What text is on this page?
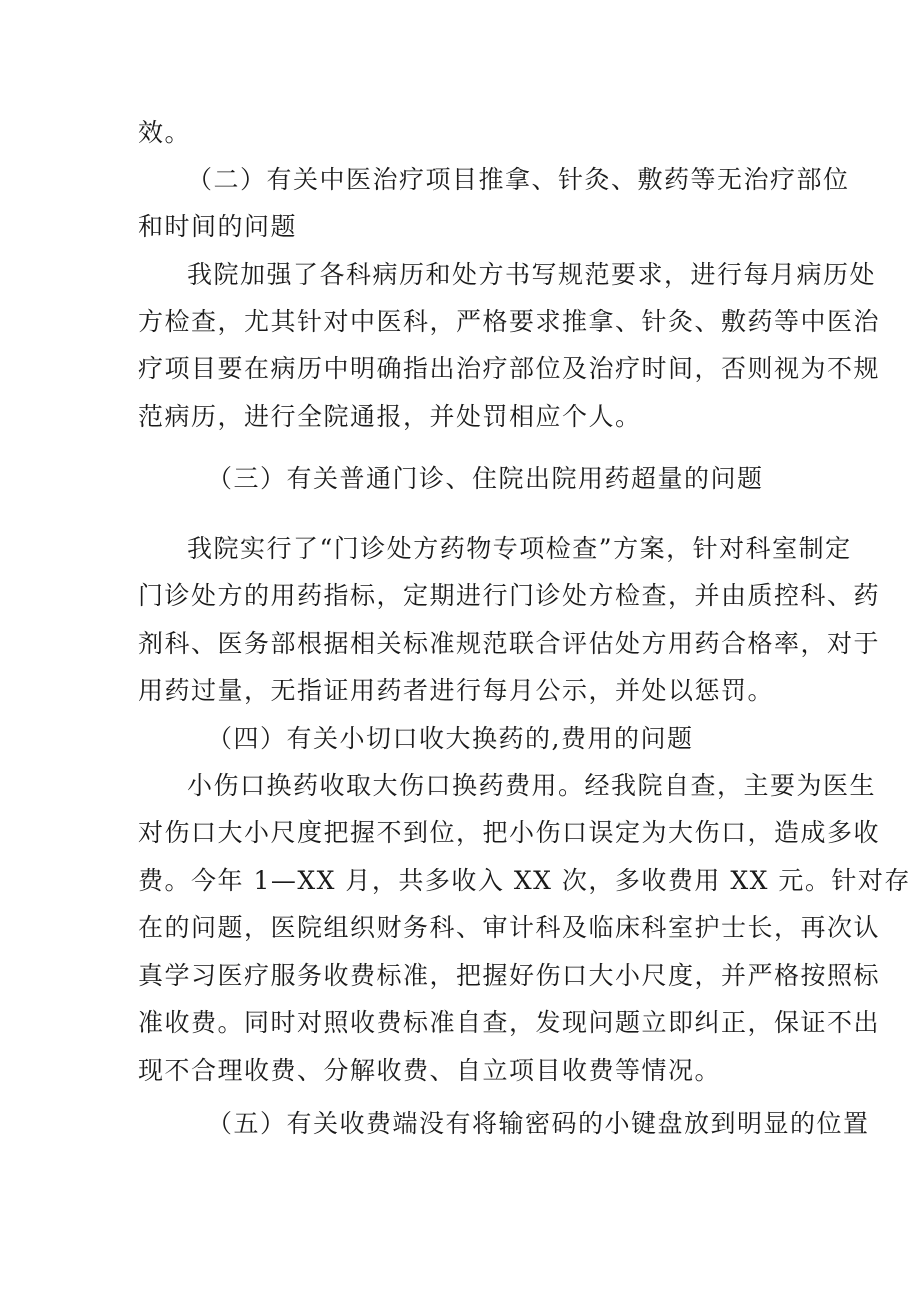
效。
（二）有关中医治疗项目推拿、针灸、敷药等无治疗部位
和时间的问题
我院加强了各科病历和处方书写规范要求，进行每月病历处
方检查，尤其针对中医科，严格要求推拿、针灸、敷药等中医治
疗项目要在病历中明确指出治疗部位及治疗时间，否则视为不规
范病历，进行全院通报，并处罚相应个人。
（三）有关普通门诊、住院出院用药超量的问题
我院实行了“门诊处方药物专项检查”方案，针对科室制定
门诊处方的用药指标，定期进行门诊处方检查，并由质控科、药
剂科、医务部根据相关标准规范联合评估处方用药合格率，对于
用药过量，无指证用药者进行每月公示，并处以惩罚。
（四）有关小切口收大换药的,费用的问题
小伤口换药收取大伤口换药费用。经我院自查，主要为医生
对伤口大小尺度把握不到位，把小伤口误定为大伤口，造成多收
费。今年 1—XX 月，共多收入 XX 次，多收费用 XX 元。针对存
在的问题，医院组织财务科、审计科及临床科室护士长，再次认
真学习医疗服务收费标准，把握好伤口大小尺度，并严格按照标
准收费。同时对照收费标准自查，发现问题立即纠正，保证不出
现不合理收费、分解收费、自立项目收费等情况。
（五）有关收费端没有将输密码的小键盘放到明显的位置
